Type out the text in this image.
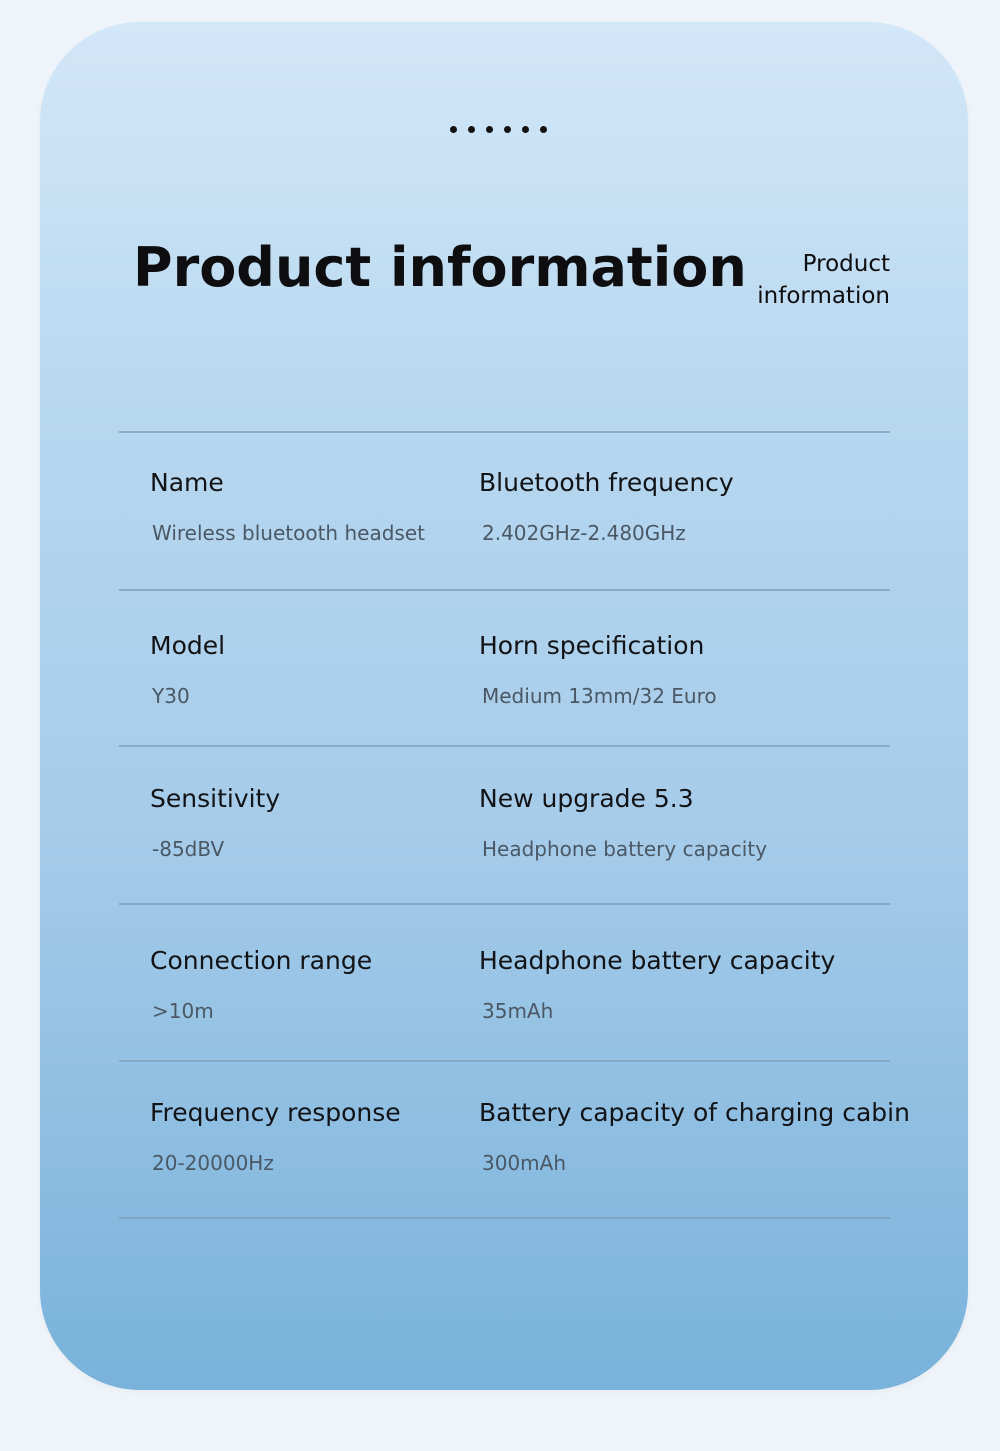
Product information	Product
information
Name
Wireless bluetooth headset
Bluetooth frequency
2.402GHz-2.480GHz
Model
Y30
Horn specification
Medium 13mm/32 Euro
Sensitivity
-85dBV
New upgrade 5.3
Headphone battery capacity
Connection range
>10m
Headphone battery capacity
35mAh
Frequency response
20-20000Hz
Battery capacity of charging cabin
300mAh
